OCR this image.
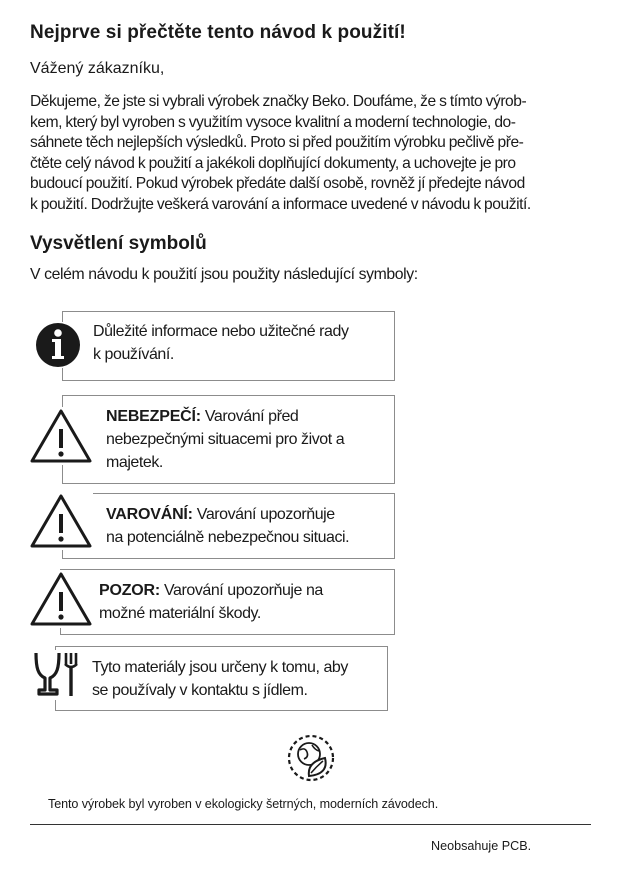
Nejprve si přečtěte tento návod k použití!
Vážený zákazníku,
Děkujeme, že jste si vybrali výrobek značky Beko. Doufáme, že s tímto výrob-
kem, který byl vyroben s využitím vysoce kvalitní a moderní technologie, do-
sáhnete těch nejlepších výsledků. Proto si před použitím výrobku pečlivě pře-
čtěte celý návod k použití a jakékoli doplňující dokumenty, a uchovejte je pro
budoucí použití. Pokud výrobek předáte další osobě, rovněž jí předejte návod
k použití. Dodržujte veškerá varování a informace uvedené v návodu k použití.
Vysvětlení symbolů
V celém návodu k použití jsou použity následující symboly:
Důležité informace nebo užitečné rady
k používání.
NEBEZPEČÍ: Varování před
nebezpečnými situacemi pro život a
majetek.
VAROVÁNÍ: Varování upozorňuje
na potenciálně nebezpečnou situaci.
POZOR: Varování upozorňuje na
možné materiální škody.
Tyto materiály jsou určeny k tomu, aby
se používaly v kontaktu s jídlem.
Tento výrobek byl vyroben v ekologicky šetrných, moderních závodech.
Neobsahuje PCB.
